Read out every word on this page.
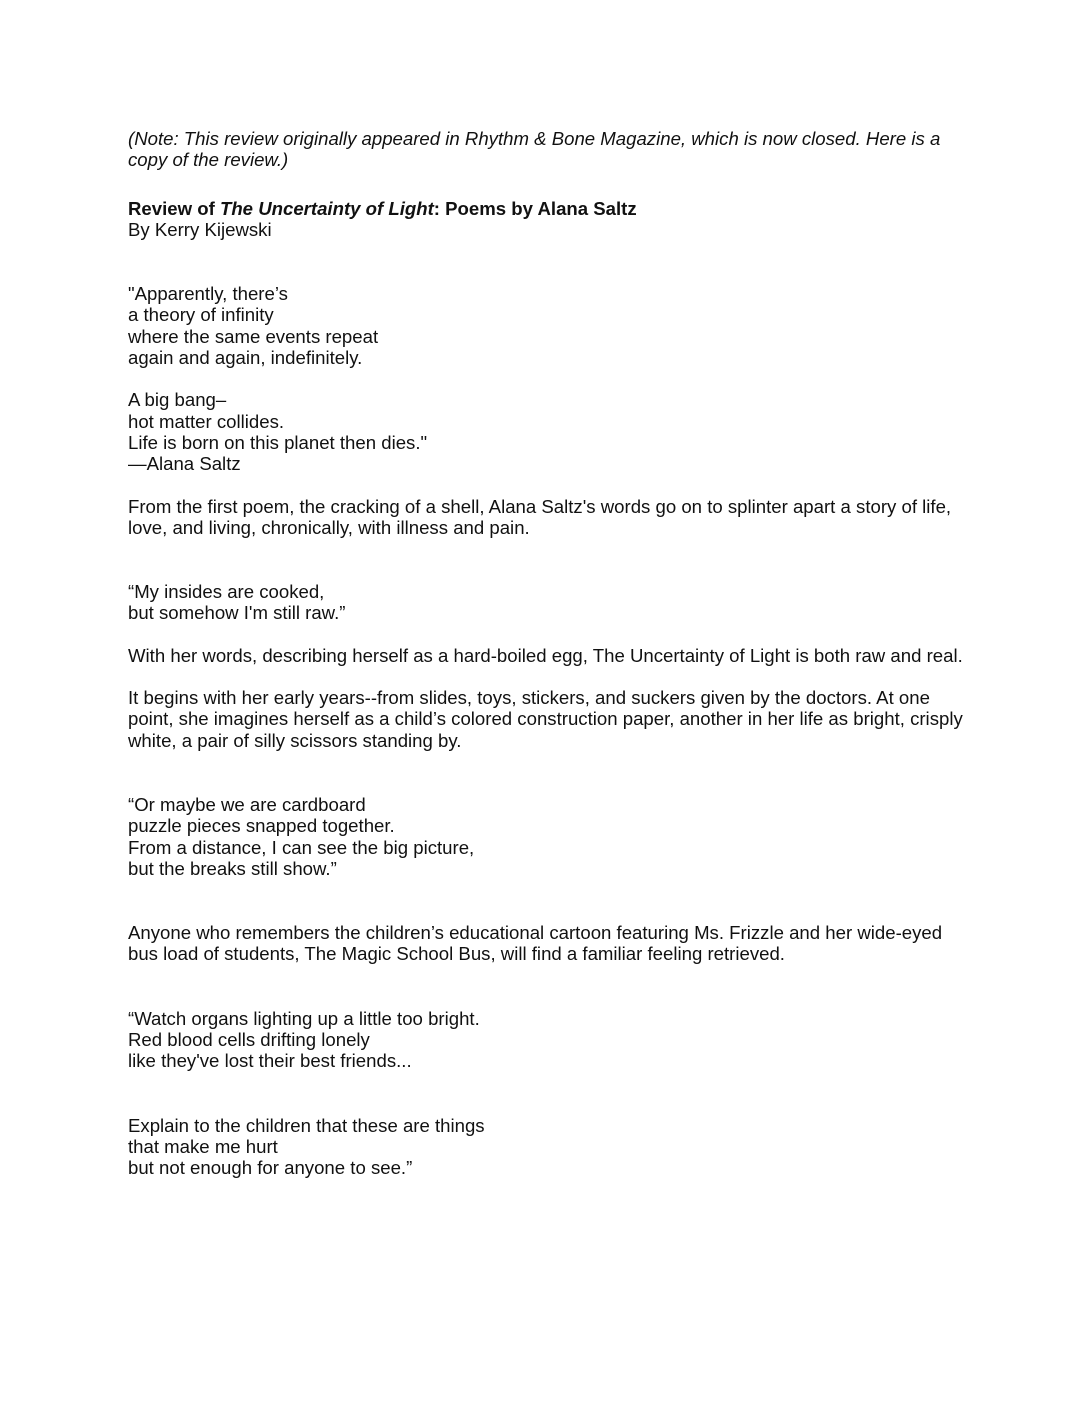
(Note: This review originally appeared in Rhythm & Bone Magazine, which is now closed. Here is a copy of the review.)

Review of The Uncertainty of Light: Poems by Alana Saltz

By Kerry Kijewski

"Apparently, there’s
a theory of infinity
where the same events repeat
again and again, indefinitely.
A big bang–
hot matter collides.
Life is born on this planet then dies."
—Alana Saltz

From the first poem, the cracking of a shell, Alana Saltz's words go on to splinter apart a story of life, love, and living, chronically, with illness and pain.

“My insides are cooked,
but somehow I'm still raw.”

With her words, describing herself as a hard-boiled egg, The Uncertainty of Light is both raw and real.

It begins with her early years--from slides, toys, stickers, and suckers given by the doctors. At one point, she imagines herself as a child’s colored construction paper, another in her life as bright, crisply white, a pair of silly scissors standing by.

“Or maybe we are cardboard
puzzle pieces snapped together.
From a distance, I can see the big picture,
but the breaks still show.”

Anyone who remembers the children’s educational cartoon featuring Ms. Frizzle and her wide-eyed bus load of students, The Magic School Bus, will find a familiar feeling retrieved.

“Watch organs lighting up a little too bright.
Red blood cells drifting lonely
like they've lost their best friends...
Explain to the children that these are things
that make me hurt
but not enough for anyone to see.”
